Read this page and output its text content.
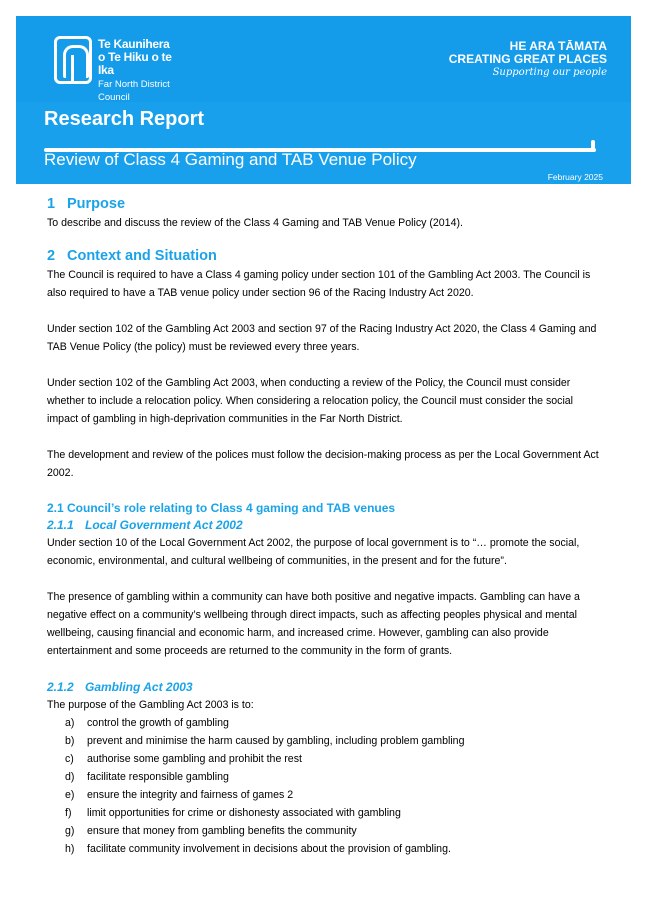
Te Kaunihera
o Te Hiku o te Ika
Far North District Council
HE ARA TĀMATA
CREATING GREAT PLACES
Supporting our people
Research Report
Review of Class 4 Gaming and TAB Venue Policy
February 2025
1 Purpose

To describe and discuss the review of the Class 4 Gaming and TAB Venue Policy (2014).

2 Context and Situation

The Council is required to have a Class 4 gaming policy under section 101 of the Gambling Act 2003. The Council is also required to have a TAB venue policy under section 96 of the Racing Industry Act 2020.

Under section 102 of the Gambling Act 2003 and section 97 of the Racing Industry Act 2020, the Class 4 Gaming and TAB Venue Policy (the policy) must be reviewed every three years.

Under section 102 of the Gambling Act 2003, when conducting a review of the Policy, the Council must consider whether to include a relocation policy. When considering a relocation policy, the Council must consider the social impact of gambling in high-deprivation communities in the Far North District.

The development and review of the polices must follow the decision-making process as per the Local Government Act 2002.

2.1 Council’s role relating to Class 4 gaming and TAB venues
2.1.1 Local Government Act 2002

Under section 10 of the Local Government Act 2002, the purpose of local government is to “… promote the social, economic, environmental, and cultural wellbeing of communities, in the present and for the future”.

The presence of gambling within a community can have both positive and negative impacts. Gambling can have a negative effect on a community’s wellbeing through direct impacts, such as affecting peoples physical and mental wellbeing, causing financial and economic harm, and increased crime. However, gambling can also provide entertainment and some proceeds are returned to the community in the form of grants.

2.1.2 Gambling Act 2003

The purpose of the Gambling Act 2003 is to:

a)	control the growth of gambling
b)	prevent and minimise the harm caused by gambling, including problem gambling
c)	authorise some gambling and prohibit the rest
d)	facilitate responsible gambling
e)	ensure the integrity and fairness of games 2
f)	limit opportunities for crime or dishonesty associated with gambling
g)	ensure that money from gambling benefits the community
h)	facilitate community involvement in decisions about the provision of gambling.
